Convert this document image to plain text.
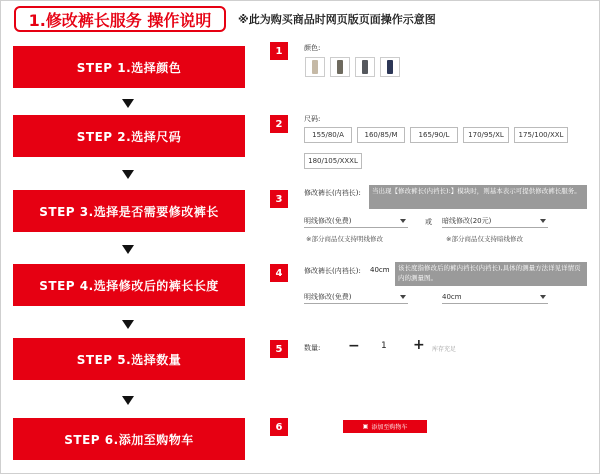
1.修改裤长服务 操作说明	※此为购买商品时网页版页面操作示意图
STEP 1.选择颜色
STEP 2.选择尺码
STEP 3.选择是否需要修改裤长
STEP 4.选择修改后的裤长长度
STEP 5.选择数量
STEP 6.添加至购物车
1
2
3
4
5
6
颜色:
尺码:
155/80/A	160/85/M	165/90/L	170/95/XL	175/100/XXL
180/105/XXXL
修改裤长(内裆长):	当出现【修改裤长(内裆长):】模块时，则基本表示可提供修改裤长服务。
明线修改(免费)	或 暗线修改(20元)
※部分商品仅支持明线修改	※部分商品仅支持暗线修改
修改裤长(内裆长): 40cm	该长度指修改后的裤内裆长(内裆长),具体的测量方法详见详情页内的测量图。
明线修改(免费)	40cm
数量: − 1 + 库存充足
▣ 添加至购物车
